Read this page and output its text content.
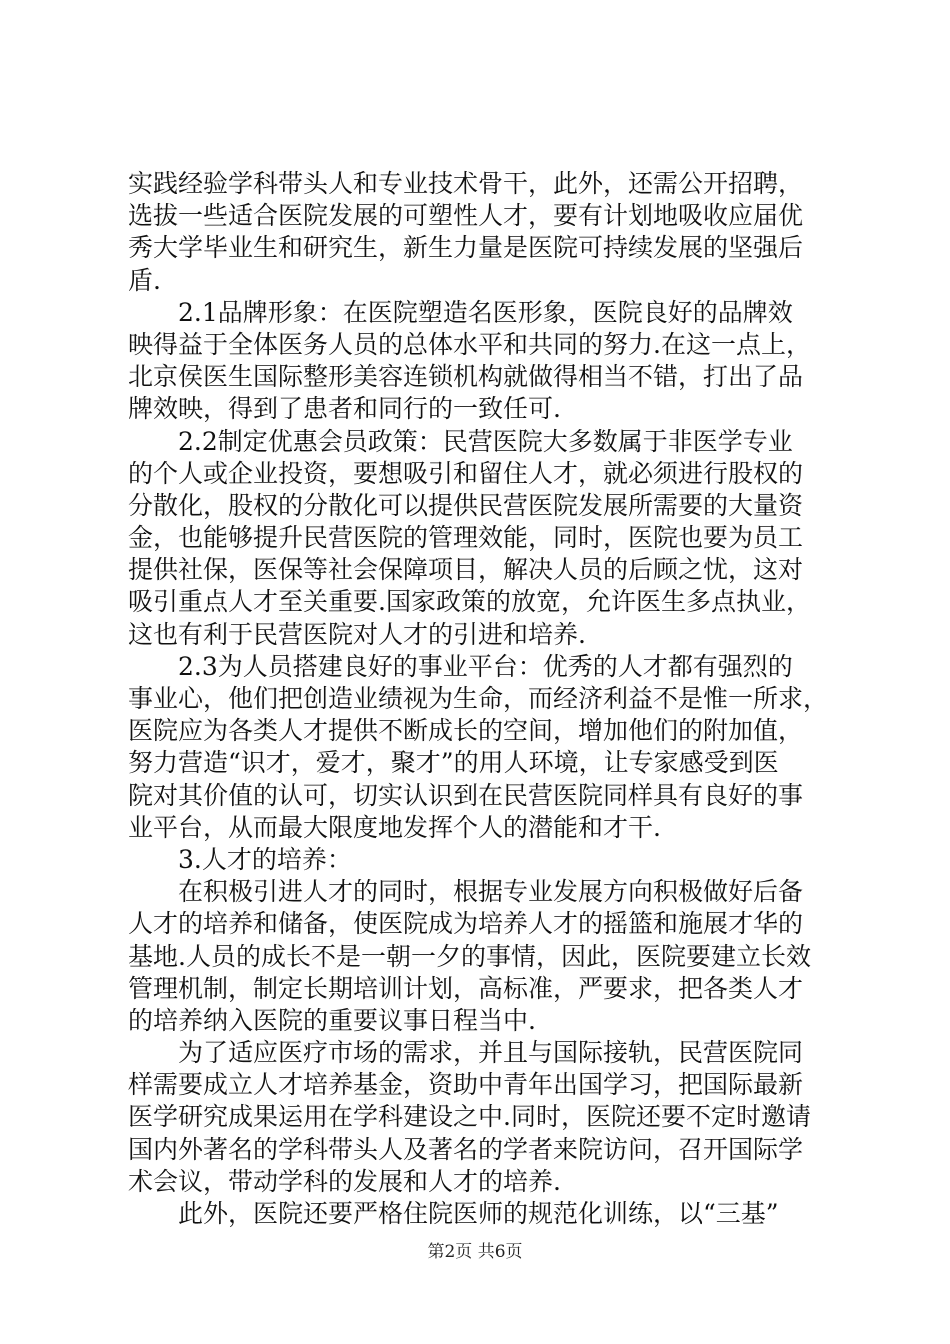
实践经验学科带头人和专业技术骨干，此外，还需公开招聘，
选拔一些适合医院发展的可塑性人才，要有计划地吸收应届优
秀大学毕业生和研究生，新生力量是医院可持续发展的坚强后
盾.
2.1品牌形象：在医院塑造名医形象，医院良好的品牌效
映得益于全体医务人员的总体水平和共同的努力.在这一点上，
北京侯医生国际整形美容连锁机构就做得相当不错，打出了品
牌效映，得到了患者和同行的一致任可.
2.2制定优惠会员政策：民营医院大多数属于非医学专业
的个人或企业投资，要想吸引和留住人才，就必须进行股权的
分散化，股权的分散化可以提供民营医院发展所需要的大量资
金，也能够提升民营医院的管理效能，同时，医院也要为员工
提供社保，医保等社会保障项目，解决人员的后顾之忧，这对
吸引重点人才至关重要.国家政策的放宽，允许医生多点执业，
这也有利于民营医院对人才的引进和培养.
2.3为人员搭建良好的事业平台：优秀的人才都有强烈的
事业心，他们把创造业绩视为生命，而经济利益不是惟一所求，
医院应为各类人才提供不断成长的空间，增加他们的附加值，
努力营造“识才，爱才，聚才”的用人环境，让专家感受到医
院对其价值的认可，切实认识到在民营医院同样具有良好的事
业平台，从而最大限度地发挥个人的潜能和才干.
3.人才的培养：
在积极引进人才的同时，根据专业发展方向积极做好后备
人才的培养和储备，使医院成为培养人才的摇篮和施展才华的
基地.人员的成长不是一朝一夕的事情，因此，医院要建立长效
管理机制，制定长期培训计划，高标准，严要求，把各类人才
的培养纳入医院的重要议事日程当中.
为了适应医疗市场的需求，并且与国际接轨，民营医院同
样需要成立人才培养基金，资助中青年出国学习，把国际最新
医学研究成果运用在学科建设之中.同时，医院还要不定时邀请
国内外著名的学科带头人及著名的学者来院访问，召开国际学
术会议，带动学科的发展和人才的培养.
此外，医院还要严格住院医师的规范化训练，以“三基”
第2页 共6页
